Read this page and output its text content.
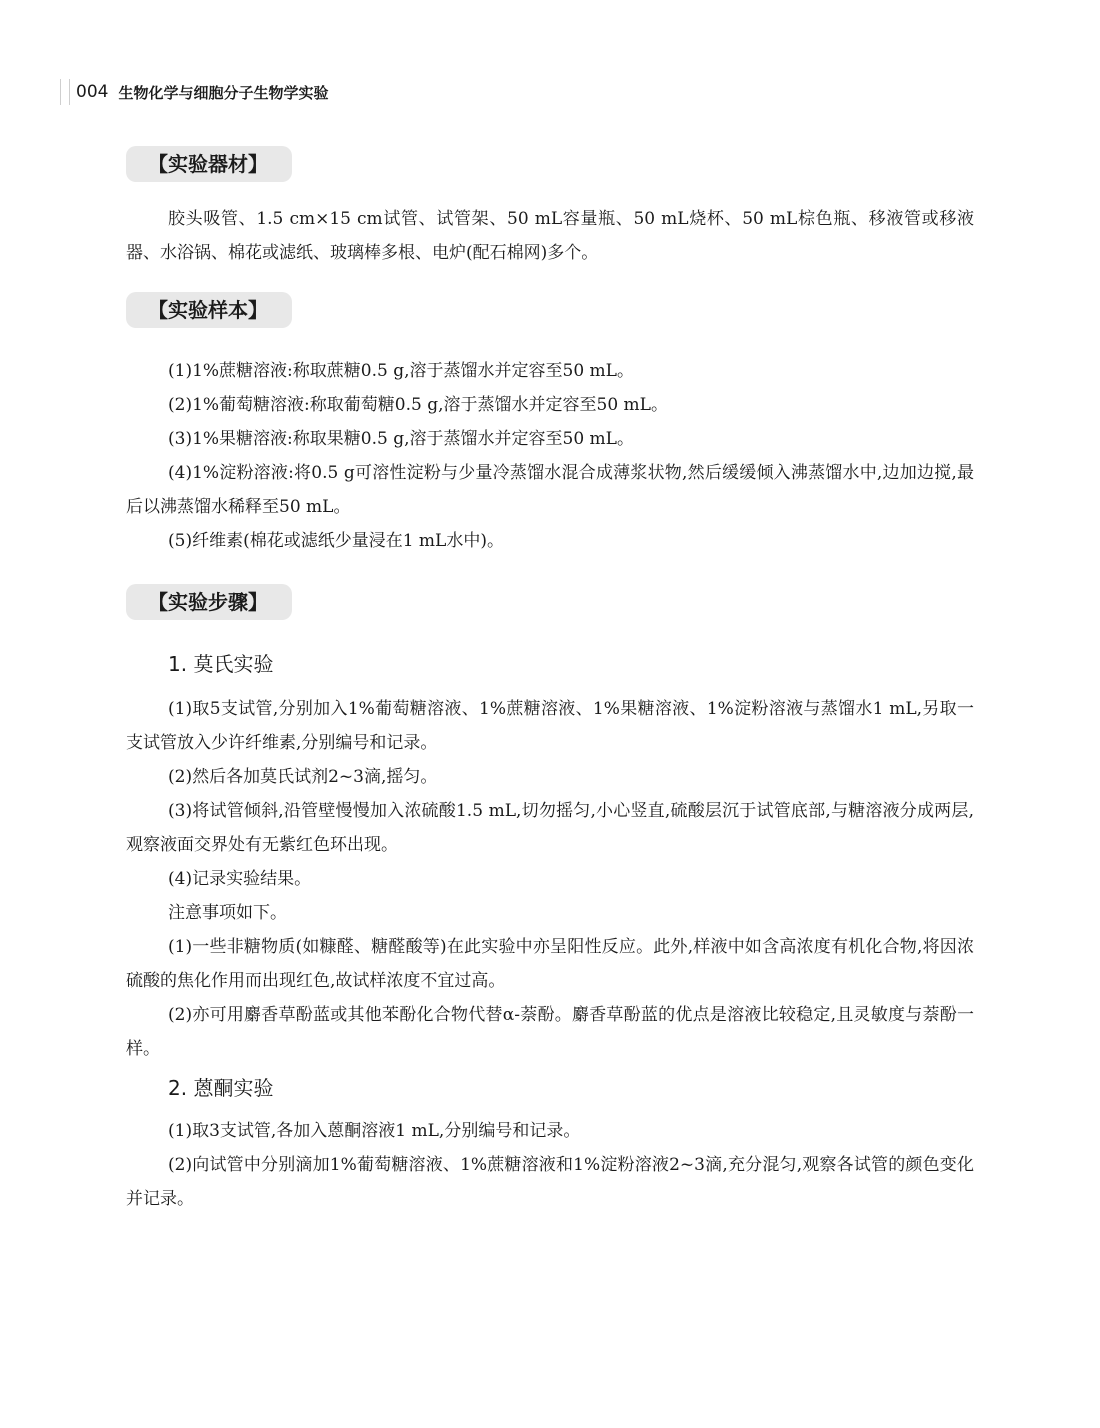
004 生物化学与细胞分子生物学实验
【实验器材】

胶头吸管、1.5 cm×15 cm试管、试管架、50 mL容量瓶、50 mL烧杯、50 mL棕色瓶、移液管或移液器、水浴锅、棉花或滤纸、玻璃棒多根、电炉(配石棉网)多个。

【实验样本】

(1)1%蔗糖溶液:称取蔗糖0.5 g,溶于蒸馏水并定容至50 mL。

(2)1%葡萄糖溶液:称取葡萄糖0.5 g,溶于蒸馏水并定容至50 mL。

(3)1%果糖溶液:称取果糖0.5 g,溶于蒸馏水并定容至50 mL。

(4)1%淀粉溶液:将0.5 g可溶性淀粉与少量冷蒸馏水混合成薄浆状物,然后缓缓倾入沸蒸馏水中,边加边搅,最后以沸蒸馏水稀释至50 mL。

(5)纤维素(棉花或滤纸少量浸在1 mL水中)。

【实验步骤】

1. 莫氏实验

(1)取5支试管,分别加入1%葡萄糖溶液、1%蔗糖溶液、1%果糖溶液、1%淀粉溶液与蒸馏水1 mL,另取一支试管放入少许纤维素,分别编号和记录。

(2)然后各加莫氏试剂2~3滴,摇匀。

(3)将试管倾斜,沿管壁慢慢加入浓硫酸1.5 mL,切勿摇匀,小心竖直,硫酸层沉于试管底部,与糖溶液分成两层,观察液面交界处有无紫红色环出现。

(4)记录实验结果。

注意事项如下。

(1)一些非糖物质(如糠醛、糖醛酸等)在此实验中亦呈阳性反应。此外,样液中如含高浓度有机化合物,将因浓硫酸的焦化作用而出现红色,故试样浓度不宜过高。

(2)亦可用麝香草酚蓝或其他苯酚化合物代替α-萘酚。麝香草酚蓝的优点是溶液比较稳定,且灵敏度与萘酚一样。

2. 蒽酮实验

(1)取3支试管,各加入蒽酮溶液1 mL,分别编号和记录。

(2)向试管中分别滴加1%葡萄糖溶液、1%蔗糖溶液和1%淀粉溶液2~3滴,充分混匀,观察各试管的颜色变化并记录。
